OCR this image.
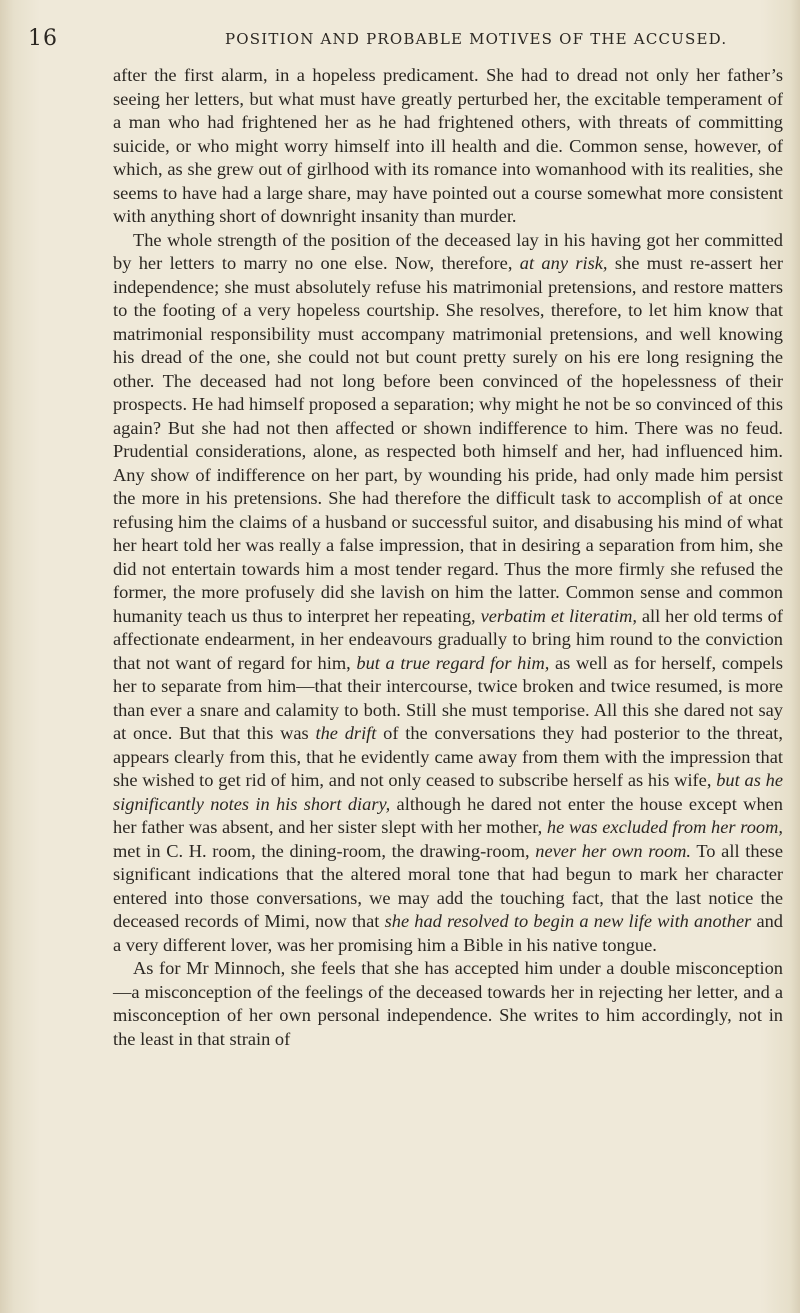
16	POSITION AND PROBABLE MOTIVES OF THE ACCUSED.

after the first alarm, in a hopeless predicament. She had to dread not only her father’s seeing her letters, but what must have greatly perturbed her, the excitable temperament of a man who had frightened her as he had frightened others, with threats of committing suicide, or who might worry himself into ill health and die. Common sense, however, of which, as she grew out of girlhood with its romance into womanhood with its realities, she seems to have had a large share, may have pointed out a course somewhat more consistent with anything short of downright insanity than murder.

The whole strength of the position of the deceased lay in his having got her committed by her letters to marry no one else. Now, therefore, at any risk, she must re-assert her independence; she must absolutely refuse his matrimonial pretensions, and restore matters to the footing of a very hopeless courtship. She resolves, therefore, to let him know that matrimonial responsibility must accompany matrimonial pretensions, and well knowing his dread of the one, she could not but count pretty surely on his ere long resigning the other. The deceased had not long before been convinced of the hopelessness of their prospects. He had himself proposed a separation; why might he not be so convinced of this again? But she had not then affected or shown indifference to him. There was no feud. Prudential considerations, alone, as respected both himself and her, had influenced him. Any show of indifference on her part, by wounding his pride, had only made him persist the more in his pretensions. She had therefore the difficult task to accomplish of at once refusing him the claims of a husband or successful suitor, and disabusing his mind of what her heart told her was really a false impression, that in desiring a separation from him, she did not entertain towards him a most tender regard. Thus the more firmly she refused the former, the more profusely did she lavish on him the latter. Common sense and common humanity teach us thus to interpret her repeating, verbatim et literatim, all her old terms of affectionate endearment, in her endeavours gradually to bring him round to the conviction that not want of regard for him, but a true regard for him, as well as for herself, compels her to separate from him—that their intercourse, twice broken and twice resumed, is more than ever a snare and calamity to both. Still she must temporise. All this she dared not say at once. But that this was the drift of the conversations they had posterior to the threat, appears clearly from this, that he evidently came away from them with the impression that she wished to get rid of him, and not only ceased to subscribe herself as his wife, but as he significantly notes in his short diary, although he dared not enter the house except when her father was absent, and her sister slept with her mother, he was excluded from her room, met in C. H. room, the dining-room, the drawing-room, never her own room. To all these significant indications that the altered moral tone that had begun to mark her character entered into those conversations, we may add the touching fact, that the last notice the deceased records of Mimi, now that she had resolved to begin a new life with another and a very different lover, was her promising him a Bible in his native tongue.

As for Mr Minnoch, she feels that she has accepted him under a double misconception—a misconception of the feelings of the deceased towards her in rejecting her letter, and a misconception of her own personal independence. She writes to him accordingly, not in the least in that strain of
